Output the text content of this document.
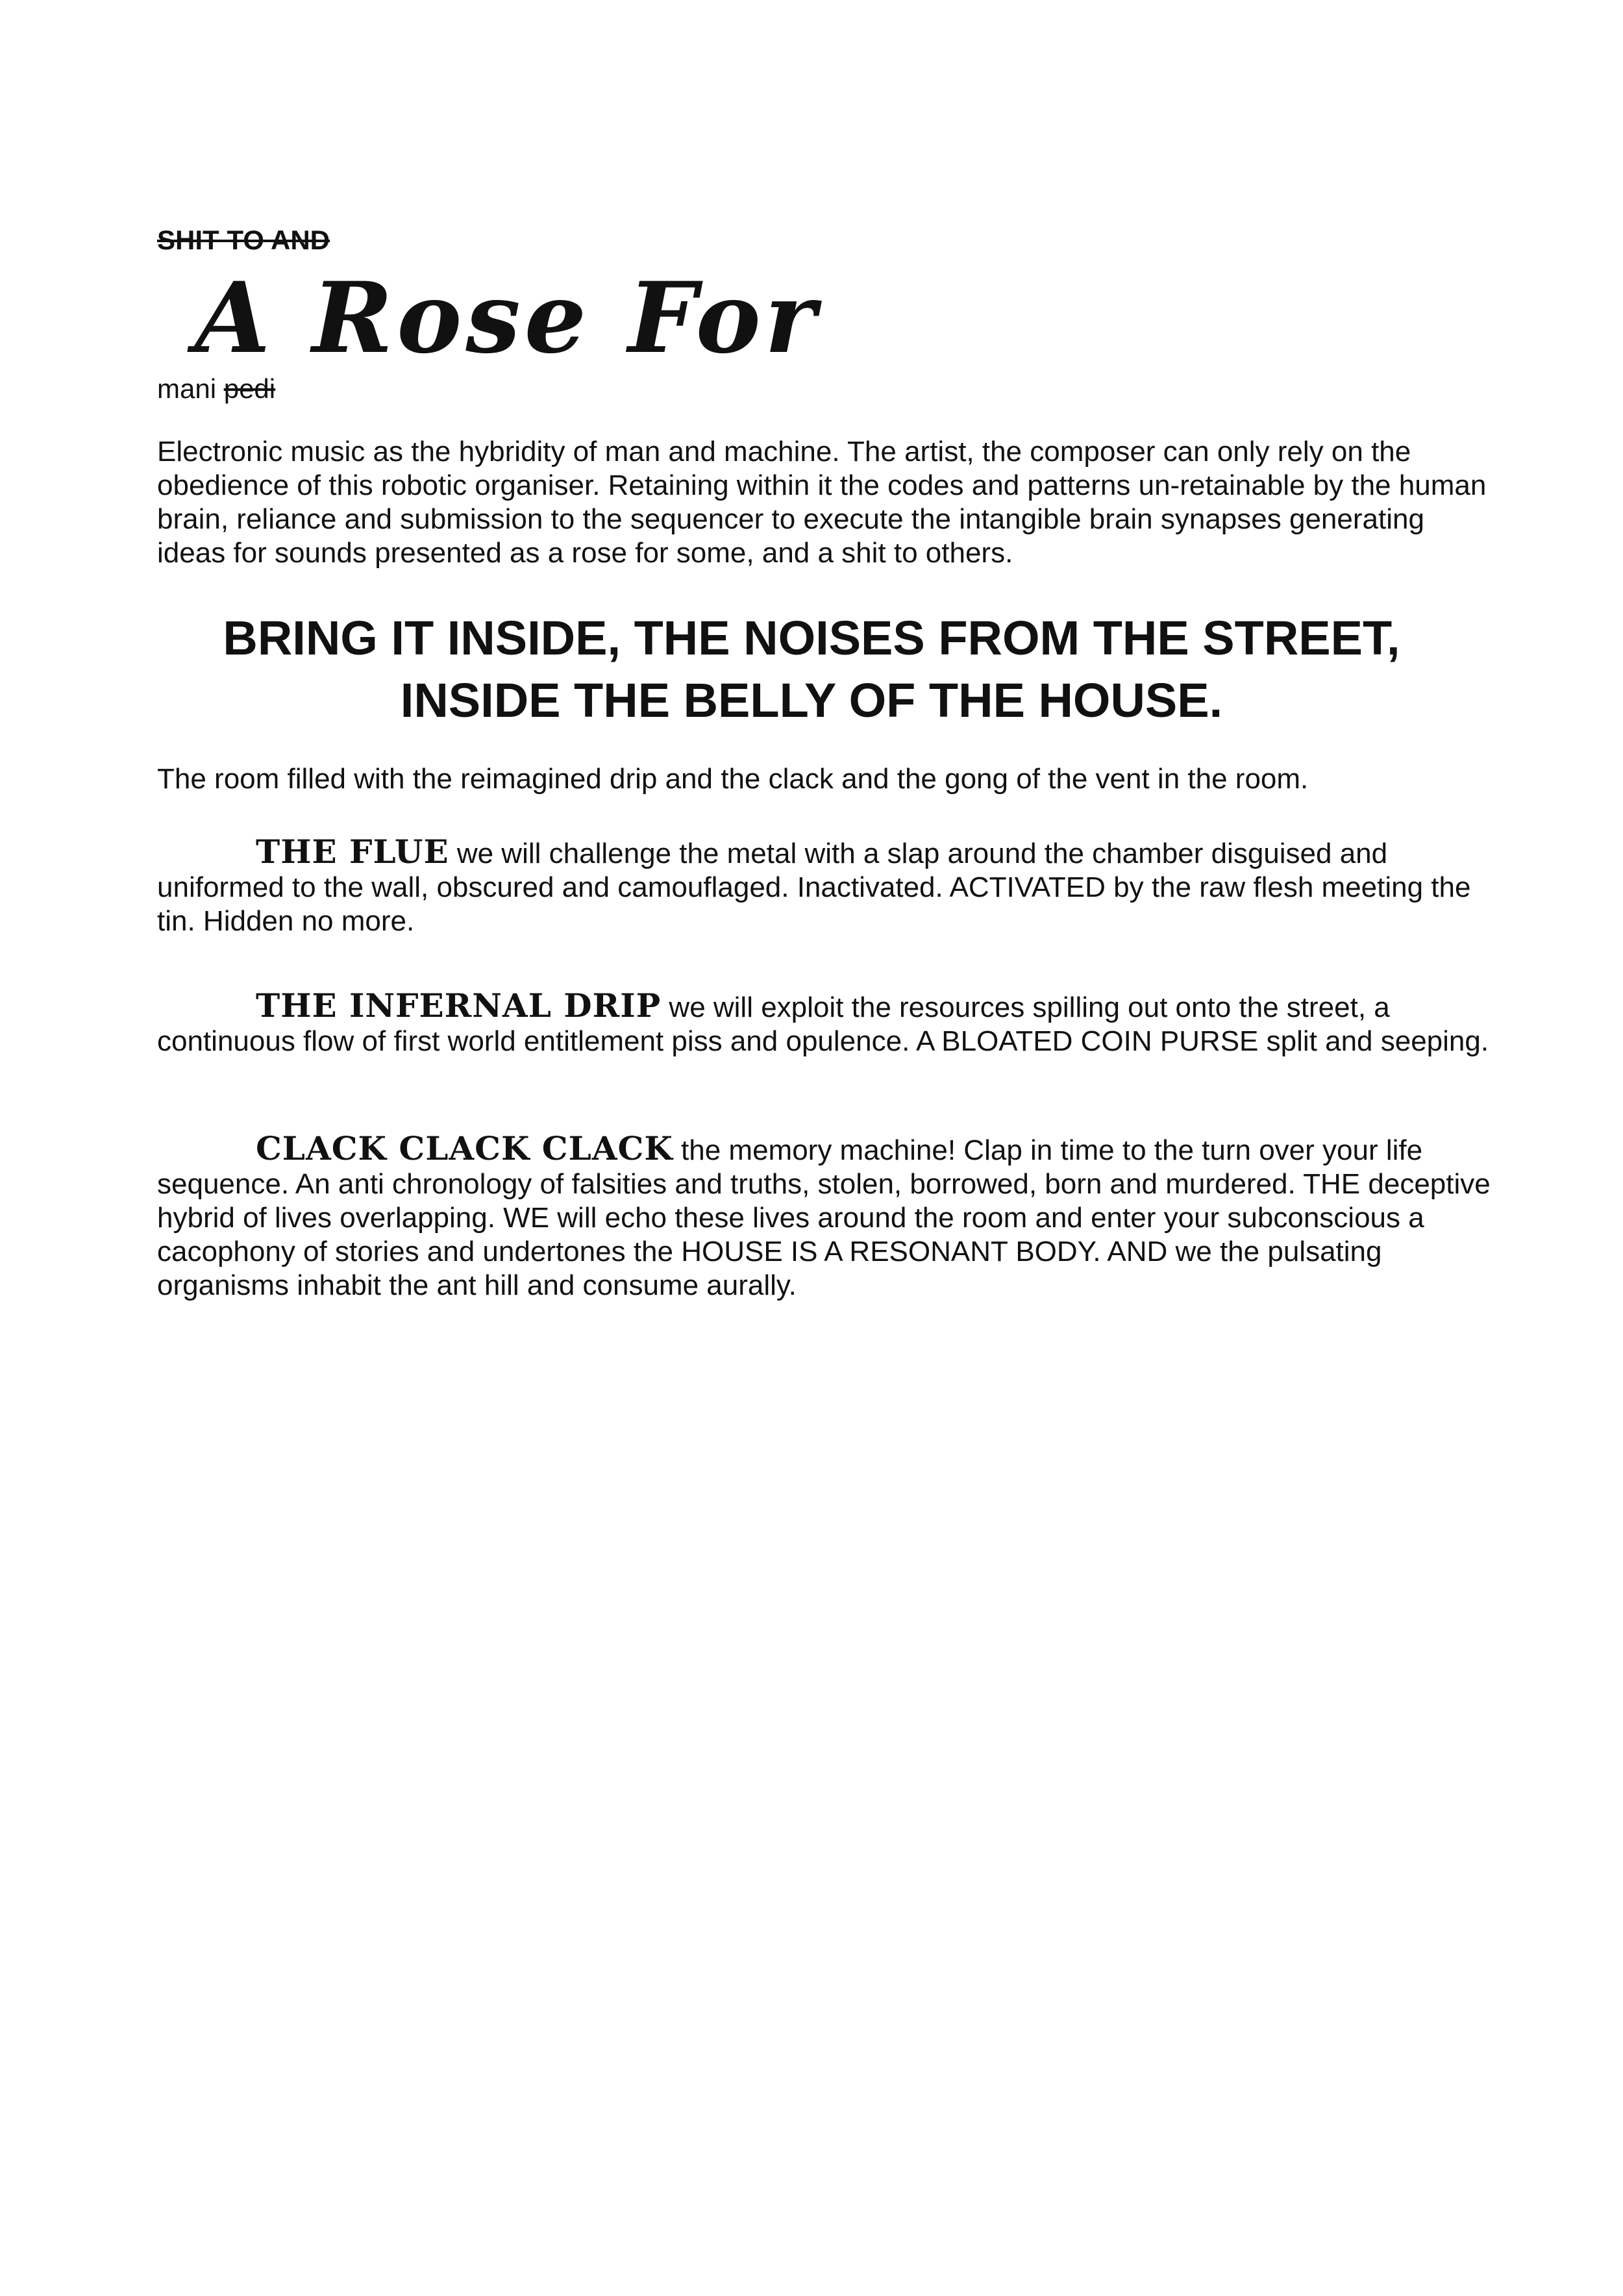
SHIT TO AND
A Rose For
mani pedi

Electronic music as the hybridity of man and machine. The artist, the composer can only rely on the obedience of this robotic organiser. Retaining within it the codes and patterns un-retainable by the human brain, reliance and submission to the sequencer to execute the intangible brain synapses generating ideas for sounds presented as a rose for some, and a shit to others.

BRING IT INSIDE, THE NOISES FROM THE STREET,
INSIDE THE BELLY OF THE HOUSE.

The room filled with the reimagined drip and the clack and the gong of the vent in the room.

THE FLUE we will challenge the metal with a slap around the chamber disguised and uniformed to the wall, obscured and camouflaged. Inactivated. ACTIVATED by the raw flesh meeting the tin. Hidden no more.

THE INFERNAL DRIP we will exploit the resources spilling out onto the street, a continuous flow of first world entitlement piss and opulence. A BLOATED COIN PURSE split and seeping.

CLACK CLACK CLACK the memory machine! Clap in time to the turn over your life sequence. An anti chronology of falsities and truths, stolen, borrowed, born and murdered. THE deceptive hybrid of lives overlapping. WE will echo these lives around the room and enter your subconscious a cacophony of stories and undertones the HOUSE IS A RESONANT BODY. AND we the pulsating organisms inhabit the ant hill and consume aurally.
